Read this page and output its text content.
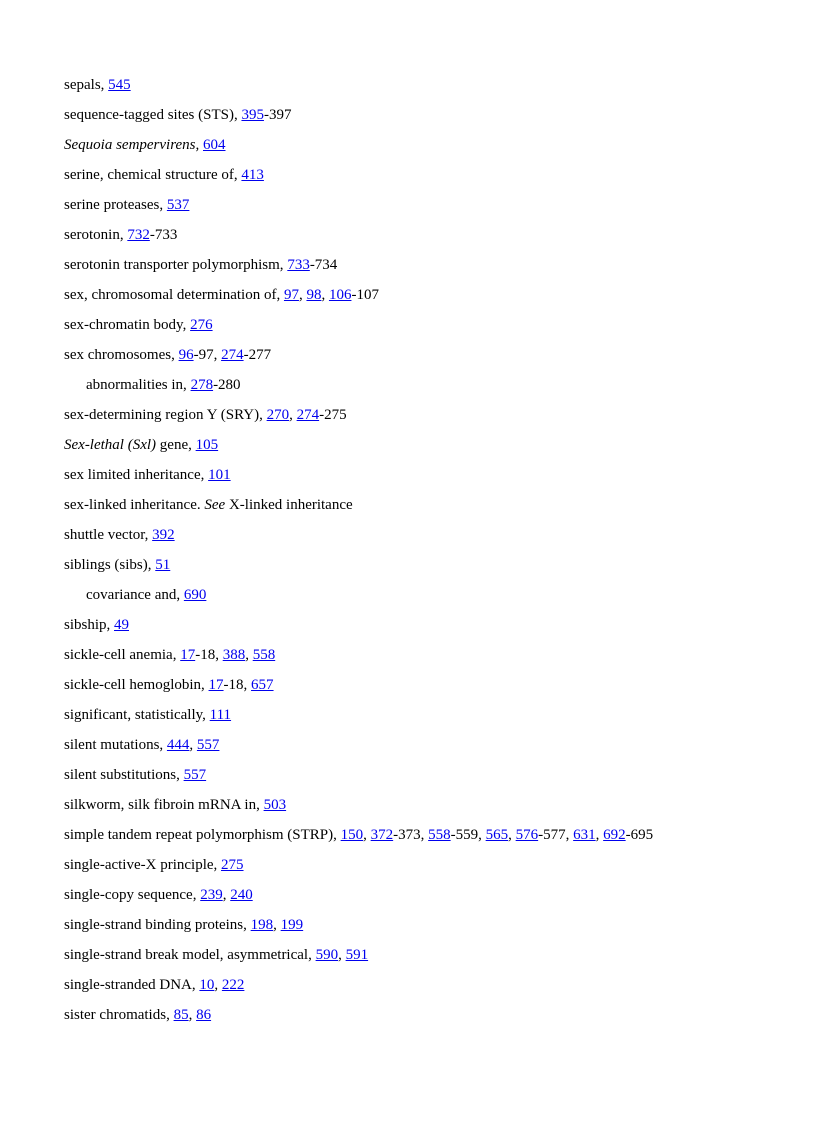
sepals, 545
sequence-tagged sites (STS), 395-397
Sequoia sempervirens, 604
serine, chemical structure of, 413
serine proteases, 537
serotonin, 732-733
serotonin transporter polymorphism, 733-734
sex, chromosomal determination of, 97, 98, 106-107
sex-chromatin body, 276
sex chromosomes, 96-97, 274-277
abnormalities in, 278-280
sex-determining region Y (SRY), 270, 274-275
Sex-lethal (Sxl) gene, 105
sex limited inheritance, 101
sex-linked inheritance. See X-linked inheritance
shuttle vector, 392
siblings (sibs), 51
covariance and, 690
sibship, 49
sickle-cell anemia, 17-18, 388, 558
sickle-cell hemoglobin, 17-18, 657
significant, statistically, 111
silent mutations, 444, 557
silent substitutions, 557
silkworm, silk fibroin mRNA in, 503
simple tandem repeat polymorphism (STRP), 150, 372-373, 558-559, 565, 576-577, 631, 692-695
single-active-X principle, 275
single-copy sequence, 239, 240
single-strand binding proteins, 198, 199
single-strand break model, asymmetrical, 590, 591
single-stranded DNA, 10, 222
sister chromatids, 85, 86
